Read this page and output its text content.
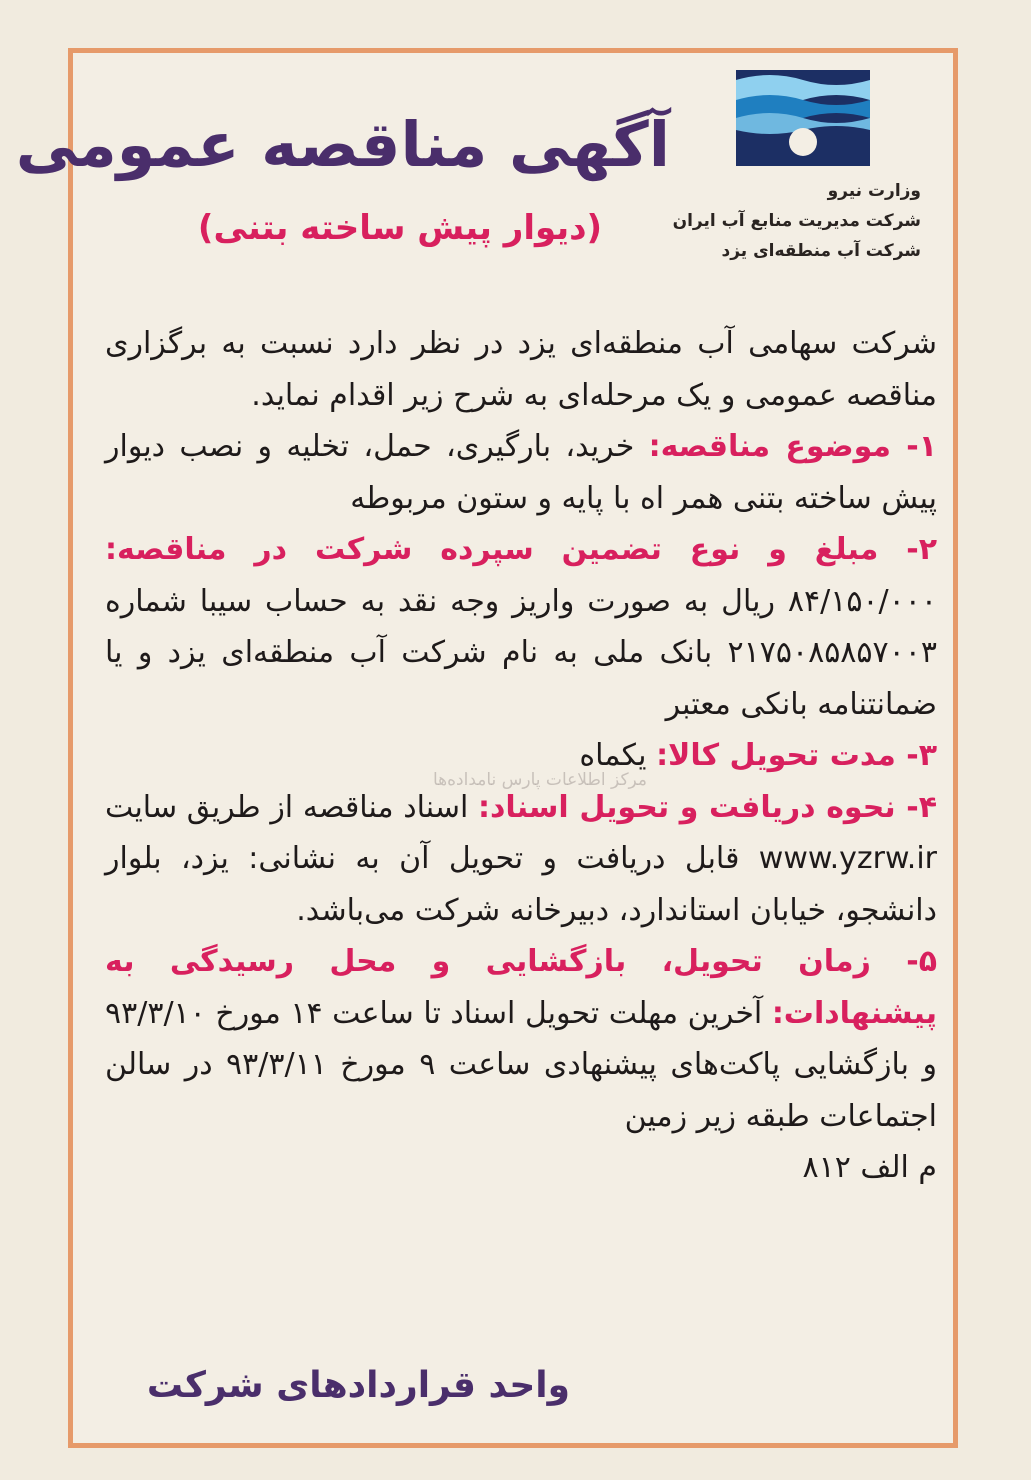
وزارت نیرو
شرکت مدیریت منابع آب ایران
شرکت آب منطقه‌ای یزد
آگهی مناقصه عمومی
(دیوار پیش ساخته بتنی)

شرکت سهامی آب منطقه‌ای یزد در نظر دارد نسبت به برگزاری مناقصه عمومی و یک مرحله‌ای به شرح زیر اقدام نماید.

۱- موضوع مناقصه: خرید، بارگیری، حمل، تخلیه و نصب دیوار پیش ساخته بتنی همر اه با پایه و ستون مربوطه

۲- مبلغ و نوع تضمین سپرده شرکت در مناقصه: ۸۴/۱۵۰/۰۰۰ ریال به صورت واریز وجه نقد به حساب سیبا شماره ۲۱۷۵۰۸۵۸۵۷۰۰۳ بانک ملی به نام شرکت آب منطقه‌ای یزد و یا ضمانتنامه بانکی معتبر

۳- مدت تحویل کالا: یکماه

۴- نحوه دریافت و تحویل اسناد: اسناد مناقصه از طریق سایت www.yzrw.ir قابل دریافت و تحویل آن به نشانی: یزد، بلوار دانشجو، خیابان استاندارد، دبیرخانه شرکت می‌باشد.

۵- زمان تحویل، بازگشایی و محل رسیدگی به پیشنهادات: آخرین مهلت تحویل اسناد تا ساعت ۱۴ مورخ ۹۳/۳/۱۰ و بازگشایی پاکت‌های پیشنهادی ساعت ۹ مورخ ۹۳/۳/۱۱ در سالن اجتماعات طبقه زیر زمین

م الف ۸۱۲

مرکز اطلاعات پارس نامداده‌ها
واحد قراردادهای شرکت
